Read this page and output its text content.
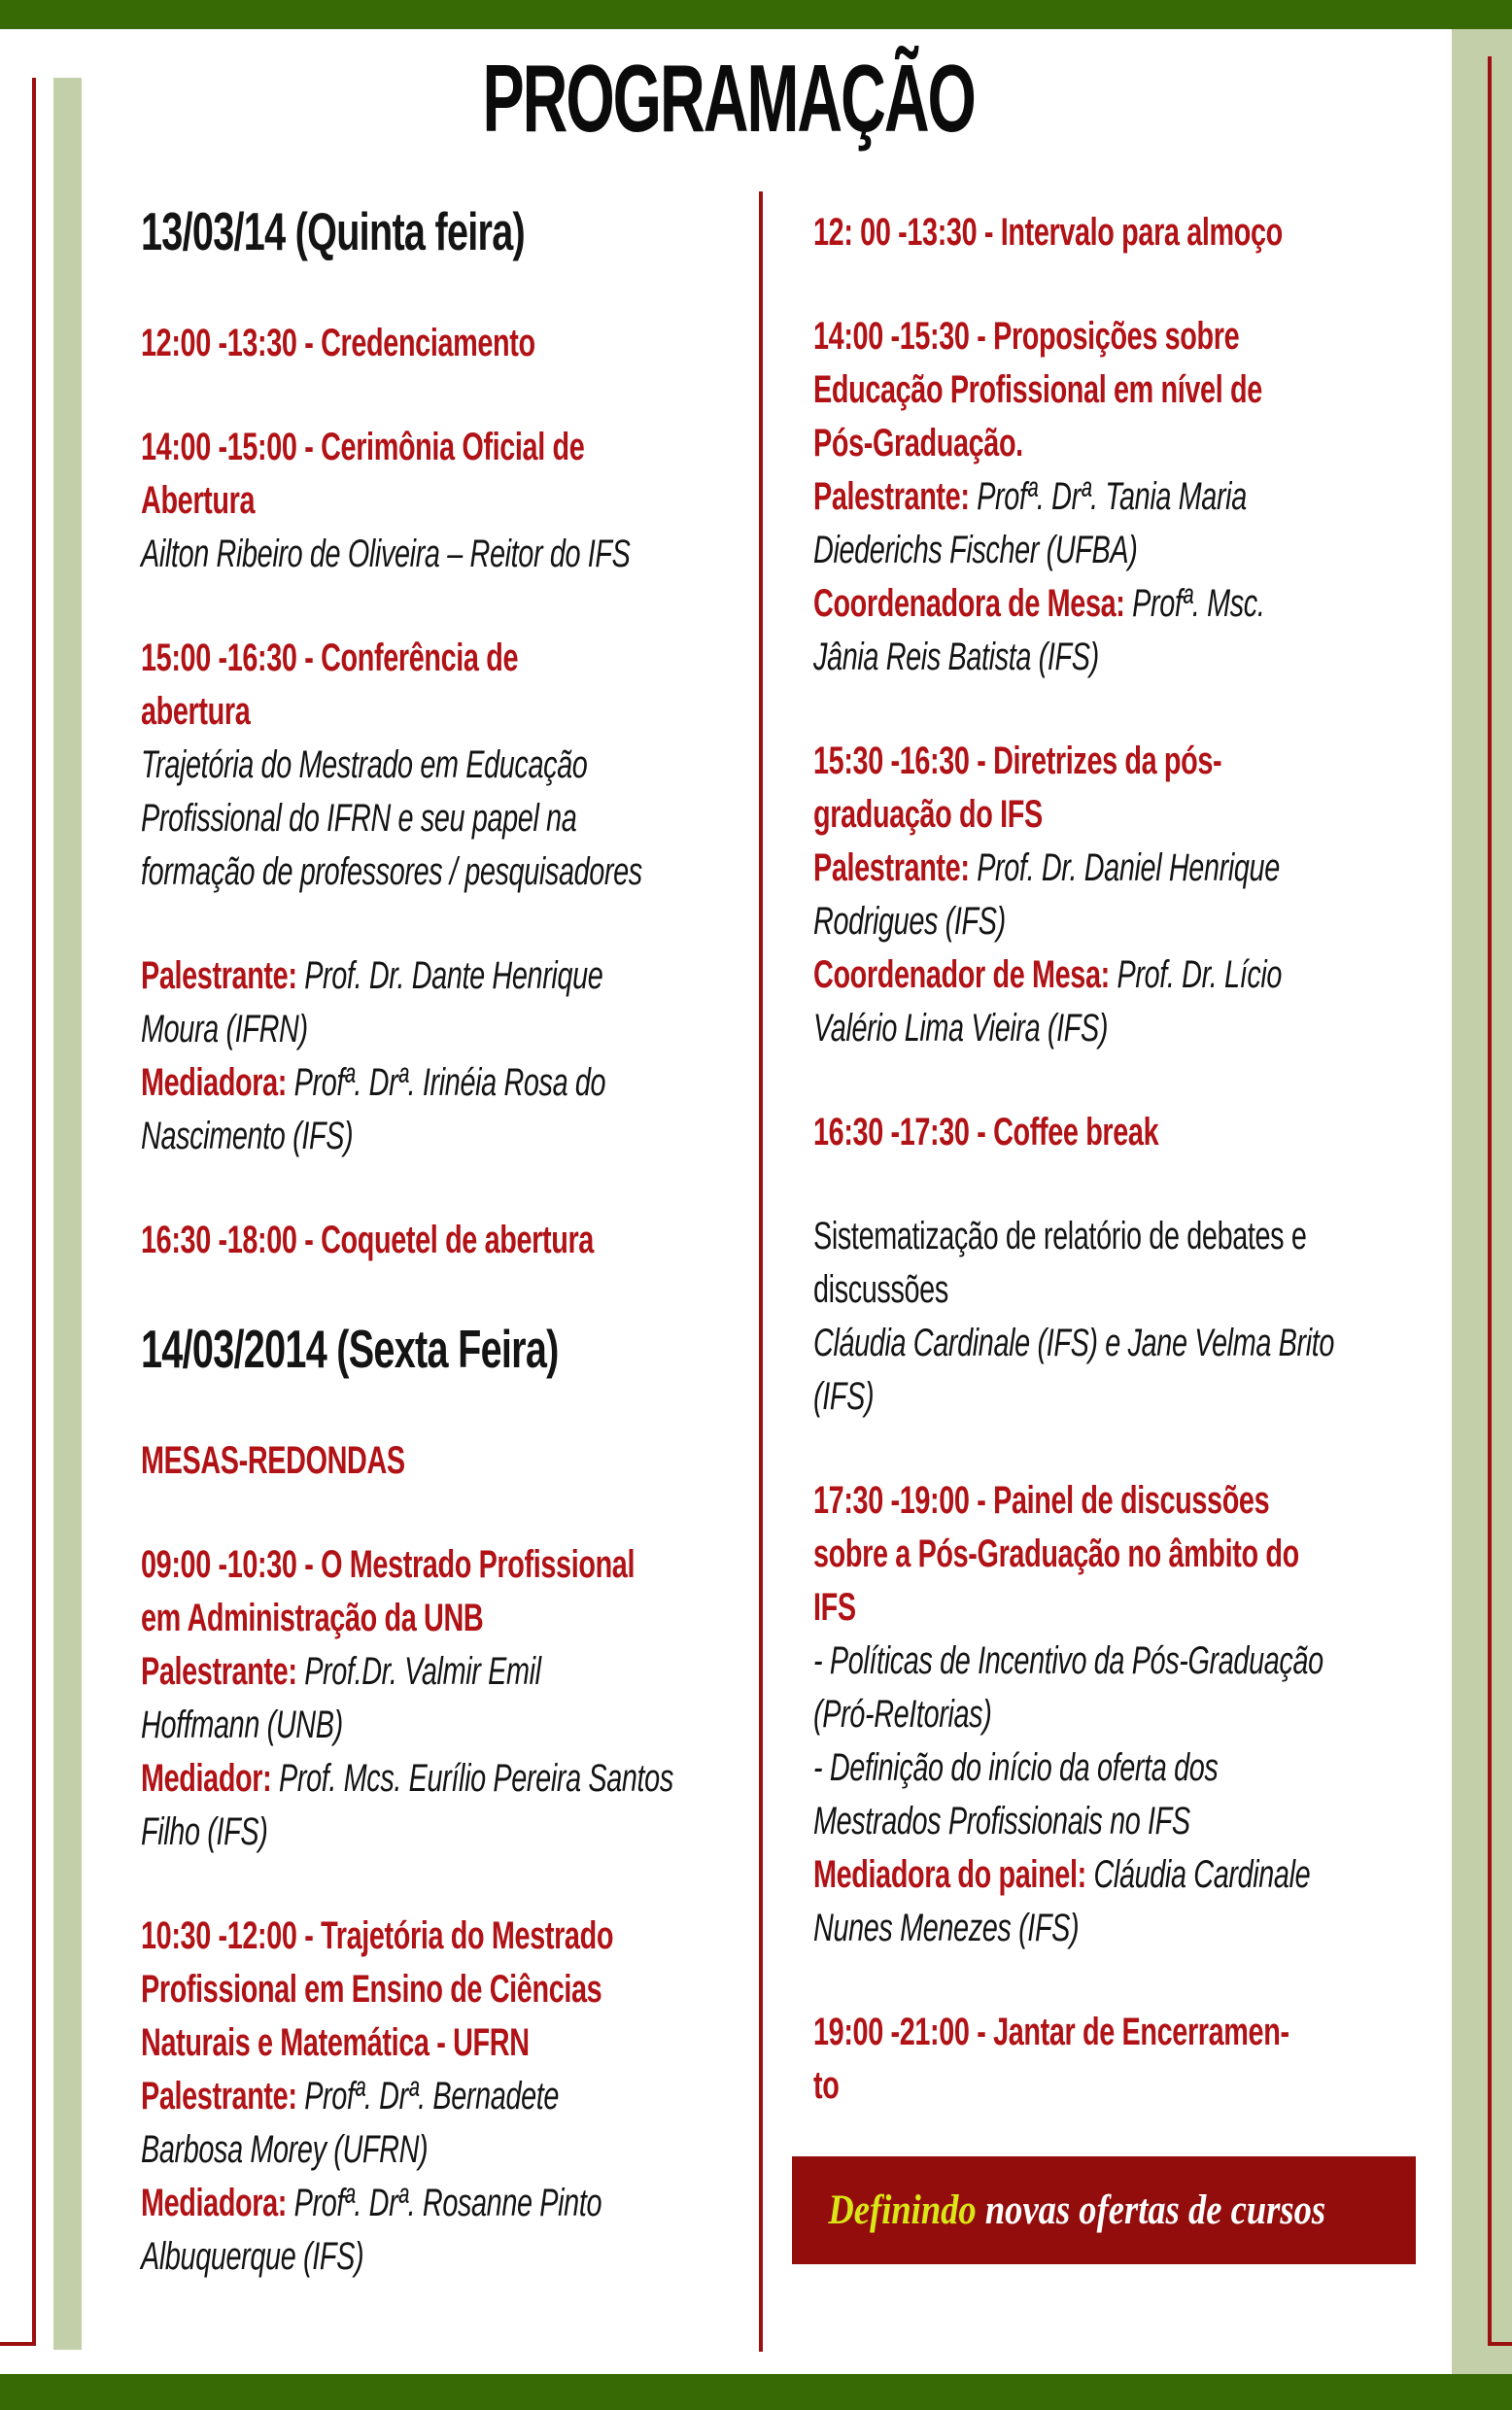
PROGRAMAÇÃO
13/03/14 (Quinta feira)
12:00 -13:30 - Credenciamento
14:00 -15:00 - Cerimônia Oficial de
Abertura
Ailton Ribeiro de Oliveira – Reitor do IFS
15:00 -16:30 - Conferência de
abertura
Trajetória do Mestrado em Educação
Profissional do IFRN e seu papel na
formação de professores / pesquisadores
Palestrante: Prof. Dr. Dante Henrique
Moura (IFRN)
Mediadora: Profª. Drª. Irinéia Rosa do
Nascimento (IFS)
16:30 -18:00 - Coquetel de abertura
14/03/2014 (Sexta Feira)
MESAS-REDONDAS
09:00 -10:30 - O Mestrado Profissional
em Administração da UNB
Palestrante: Prof.Dr. Valmir Emil
Hoffmann (UNB)
Mediador: Prof. Mcs. Eurílio Pereira Santos
Filho (IFS)
10:30 -12:00 - Trajetória do Mestrado
Profissional em Ensino de Ciências
Naturais e Matemática - UFRN
Palestrante: Profª. Drª. Bernadete
Barbosa Morey (UFRN)
Mediadora: Profª. Drª. Rosanne Pinto
Albuquerque (IFS)
12: 00 -13:30 - Intervalo para almoço
14:00 -15:30 - Proposições sobre
Educação Profissional em nível de
Pós-Graduação.
Palestrante: Profª. Drª. Tania Maria
Diederichs Fischer (UFBA)
Coordenadora de Mesa: Profª. Msc.
Jânia Reis Batista (IFS)
15:30 -16:30 - Diretrizes da pós-
graduação do IFS
Palestrante: Prof. Dr. Daniel Henrique
Rodrigues (IFS)
Coordenador de Mesa: Prof. Dr. Lício
Valério Lima Vieira (IFS)
16:30 -17:30 - Coffee break
Sistematização de relatório de debates e
discussões
Cláudia Cardinale (IFS) e Jane Velma Brito
(IFS)
17:30 -19:00 - Painel de discussões
sobre a Pós-Graduação no âmbito do
IFS
- Políticas de Incentivo da Pós-Graduação
(Pró-ReItorias)
- Definição do início da oferta dos
Mestrados Profissionais no IFS
Mediadora do painel: Cláudia Cardinale
Nunes Menezes (IFS)
19:00 -21:00 - Jantar de Encerramen-
to
Definindo novas ofertas de cursos
